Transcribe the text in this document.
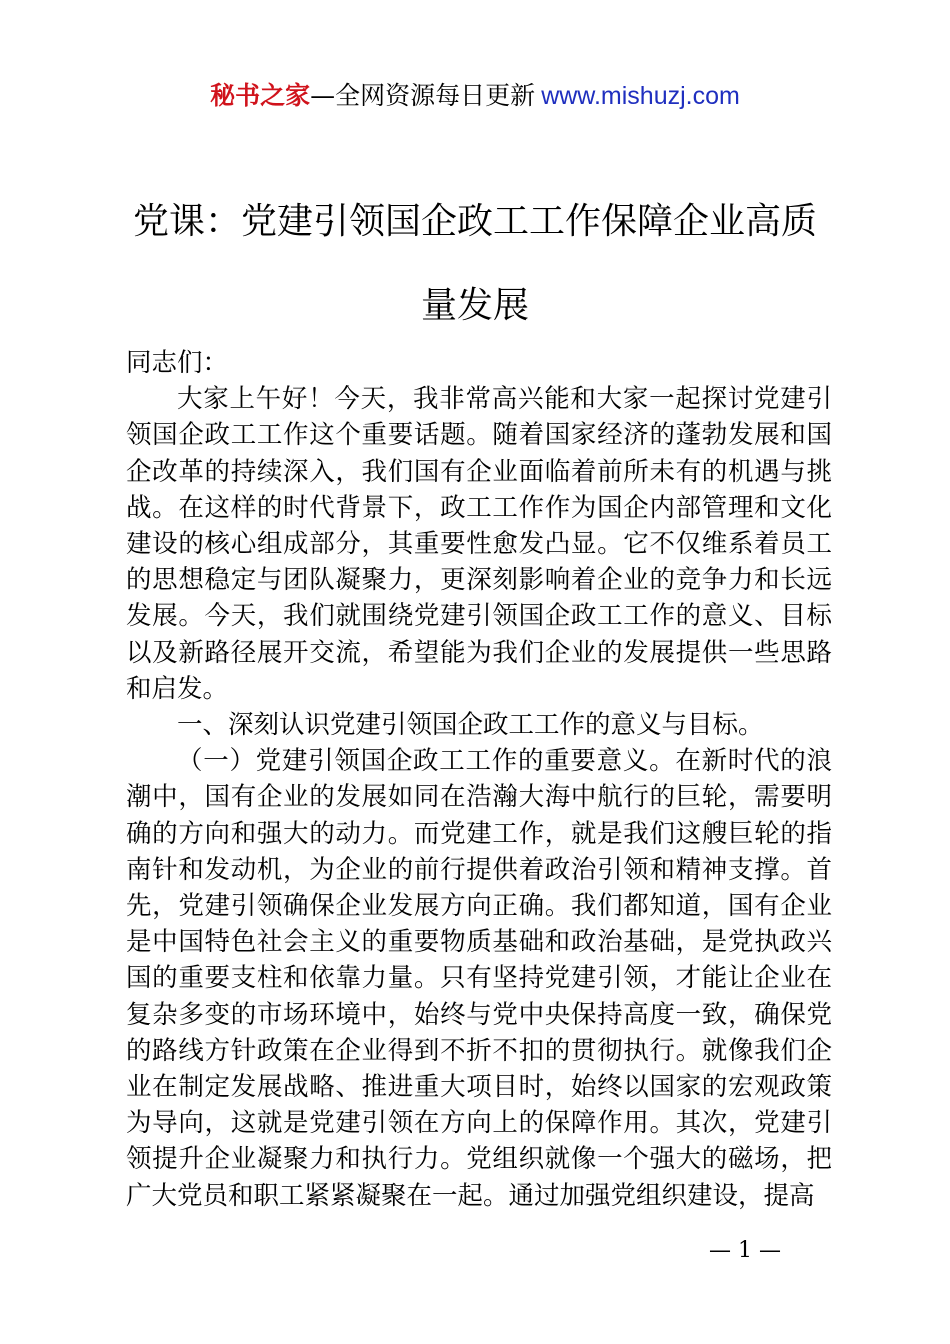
秘书之家—全网资源每日更新 www.mishuzj.com
党课：党建引领国企政工工作保障企业高质量发展

同志们：

大家上午好！今天，我非常高兴能和大家一起探讨党建引领国企政工工作这个重要话题。随着国家经济的蓬勃发展和国企改革的持续深入，我们国有企业面临着前所未有的机遇与挑战。在这样的时代背景下，政工工作作为国企内部管理和文化建设的核心组成部分，其重要性愈发凸显。它不仅维系着员工的思想稳定与团队凝聚力，更深刻影响着企业的竞争力和长远发展。今天，我们就围绕党建引领国企政工工作的意义、目标以及新路径展开交流，希望能为我们企业的发展提供一些思路和启发。

一、深刻认识党建引领国企政工工作的意义与目标。

（一）党建引领国企政工工作的重要意义。在新时代的浪潮中，国有企业的发展如同在浩瀚大海中航行的巨轮，需要明确的方向和强大的动力。而党建工作，就是我们这艘巨轮的指南针和发动机，为企业的前行提供着政治引领和精神支撑。首先，党建引领确保企业发展方向正确。我们都知道，国有企业是中国特色社会主义的重要物质基础和政治基础，是党执政兴国的重要支柱和依靠力量。只有坚持党建引领，才能让企业在复杂多变的市场环境中，始终与党中央保持高度一致，确保党的路线方针政策在企业得到不折不扣的贯彻执行。就像我们企业在制定发展战略、推进重大项目时，始终以国家的宏观政策为导向，这就是党建引领在方向上的保障作用。其次，党建引领提升企业凝聚力和执行力。党组织就像一个强大的磁场，把广大党员和职工紧紧凝聚在一起。通过加强党组织建设，提高

— 1 —
